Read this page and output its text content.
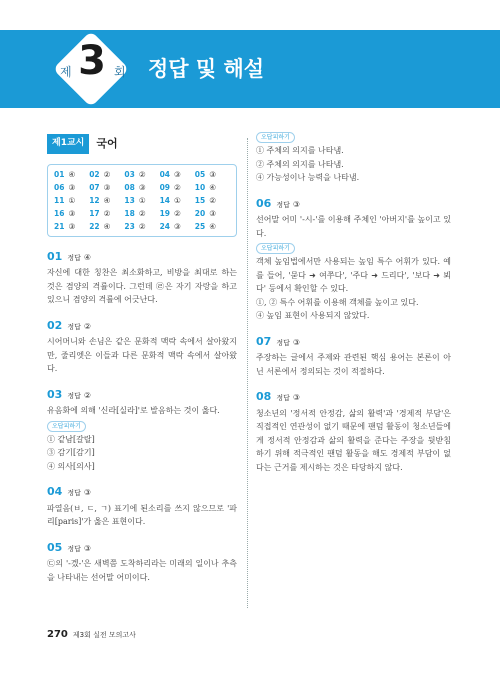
제 3 회 정답 및 해설
제1교시	국어
01 ④	02 ②	03 ②	04 ③	05 ③
06 ③	07 ③	08 ③	09 ②	10 ④
11 ①	12 ④	13 ①	14 ①	15 ②
16 ③	17 ②	18 ②	19 ②	20 ③
21 ③	22 ④	23 ②	24 ③	25 ④
01 정답 ④
자신에 대한 칭찬은 최소화하고, 비방을 최대로 하는 것은 겸양의 격률이다. 그런데 ㉣은 자기 자랑을 하고 있으니 겸양의 격률에 어긋난다.
02 정답 ②
시어머니와 손님은 같은 문화적 맥락 속에서 살아왔지만, 줄리엣은 이들과 다른 문화적 맥락 속에서 살아왔다.
03 정답 ②
유음화에 의해 '신라[실라]'로 발음하는 것이 옳다.
오답피하기
① 같남[갈랄]
③ 감기[감기]
④ 의사[의사]
04 정답 ③
파열음(ㅂ, ㄷ, ㄱ) 표기에 된소리를 쓰지 않으므로 '파리[paris]'가 옳은 표현이다.
05 정답 ③
㉢의 '-겠-'은 새벽쯤 도착하리라는 미래의 일이나 추측을 나타내는 선어말 어미이다.
오답피하기
① 주체의 의지를 나타냄.
② 주체의 의지를 나타냄.
④ 가능성이나 능력을 나타냄.
06 정답 ③
선어말 어미 '-시-'를 이용해 주체인 '아버지'를 높이고 있다.
오답피하기
객체 높임법에서만 사용되는 높임 특수 어휘가 있다. 예를 들어, '묻다 ➜ 여쭈다', '주다 ➜ 드리다', '보다 ➜ 뵈다' 등에서 확인할 수 있다.
①, ② 특수 어휘를 이용해 객체를 높이고 있다.
④ 높임 표현이 사용되지 않았다.
07 정답 ③
주장하는 글에서 주제와 관련된 핵심 용어는 본론이 아닌 서론에서 정의되는 것이 적절하다.
08 정답 ③
청소년의 '정서적 안정감, 삶의 활력'과 '경제적 부담'은 직접적인 연관성이 없기 때문에 팬덤 활동이 청소년들에게 정서적 안정감과 삶의 활력을 준다는 주장을 뒷받침하기 위해 적극적인 팬덤 활동을 해도 경제적 부담이 없다는 근거를 제시하는 것은 타당하지 않다.
270 제3회 실전 모의고사
